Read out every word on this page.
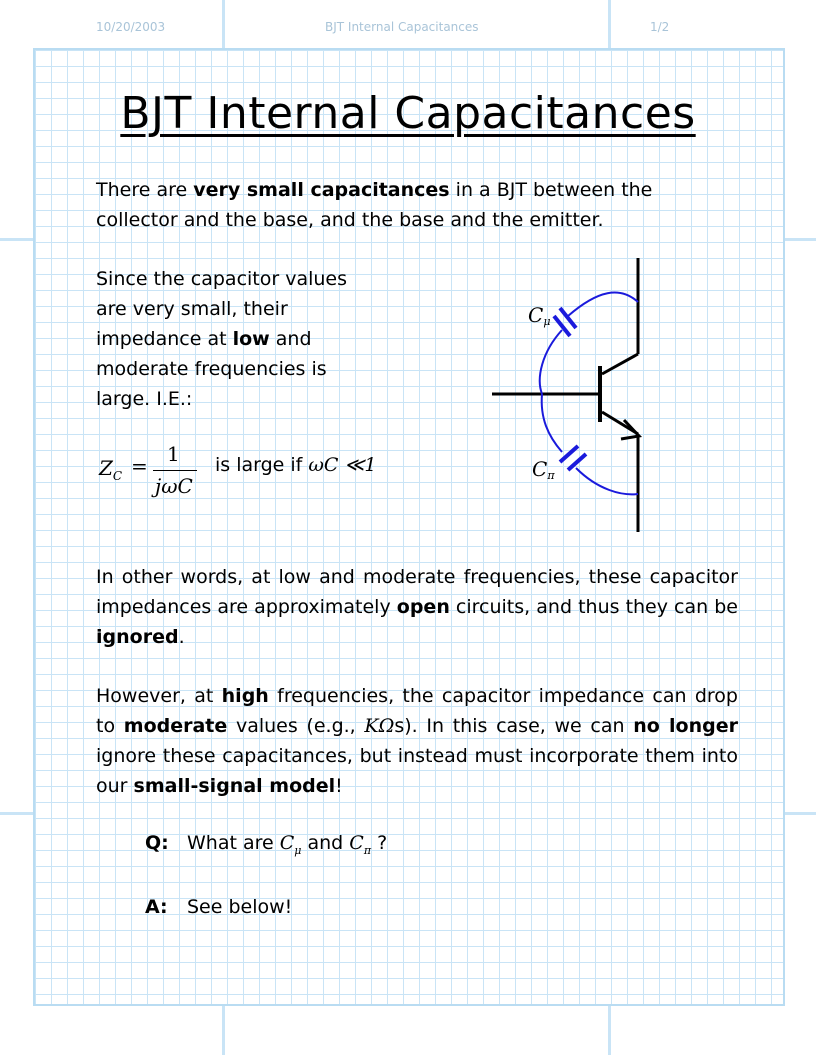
10/20/2003	BJT Internal Capacitances	1/2
BJT Internal Capacitances
There are very small capacitances in a BJT between the collector and the base, and the base and the emitter.
Since the capacitor values are very small, their impedance at low and moderate frequencies is large. I.E.:
$Z_C = 1$
jωC
is large if ωC ≪1
Cμ
Cπ
In other words, at low and moderate frequencies, these capacitor impedances are approximately open circuits, and thus they can be ignored.
However, at high frequencies, the capacitor impedance can drop to moderate values (e.g., KΩs). In this case, we can no longer ignore these capacitances, but instead must incorporate them into our small-signal model!
Q: What are $C_\mu$ and $C_\pi$ ?
A: See below!
